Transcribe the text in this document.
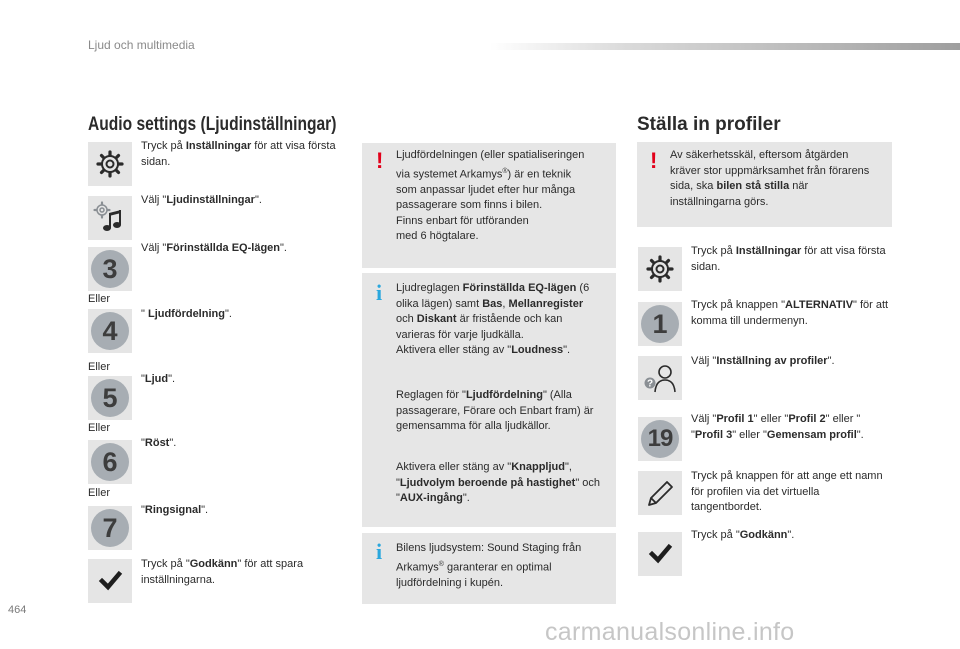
Ljud och multimedia
Audio settings (Ljudinställningar)
Tryck på Inställningar för att visa första sidan.
Välj "Ljudinställningar".
3
Välj "Förinställda EQ-lägen".
Eller
4
" Ljudfördelning".
Eller
5
"Ljud".
Eller
6
"Röst".
Eller
7
"Ringsignal".
Tryck på "Godkänn" för att spara inställningarna.
! Ljudfördelningen (eller spatialiseringen
via systemet Arkamys®) är en teknik
som anpassar ljudet efter hur många
passagerare som finns i bilen.
Finns enbart för utföranden
med 6 högtalare.
i Ljudreglagen Förinställda EQ-lägen (6 olika lägen) samt Bas, Mellanregister och Diskant är fristående och kan varieras för varje ljudkälla.
Aktivera eller stäng av "Loudness".
Reglagen för "Ljudfördelning" (Alla passagerare, Förare och Enbart fram) är gemensamma för alla ljudkällor.
Aktivera eller stäng av "Knappljud", "Ljudvolym beroende på hastighet" och "AUX-ingång".
i Bilens ljudsystem: Sound Staging från Arkamys® garanterar en optimal ljudfördelning i kupén.
Ställa in profiler
! Av säkerhetsskäl, eftersom åtgärden kräver stor uppmärksamhet från förarens sida, ska bilen stå stilla när inställningarna görs.
Tryck på Inställningar för att visa första sidan.
1
Tryck på knappen "ALTERNATIV" för att komma till undermenyn.
?
Välj "Inställning av profiler".
19
Välj "Profil 1" eller "Profil 2" eller "
"Profil 3" eller "Gemensam profil".
Tryck på knappen för att ange ett namn för profilen via det virtuella tangentbordet.
Tryck på "Godkänn".
464
carmanualsonline.info
